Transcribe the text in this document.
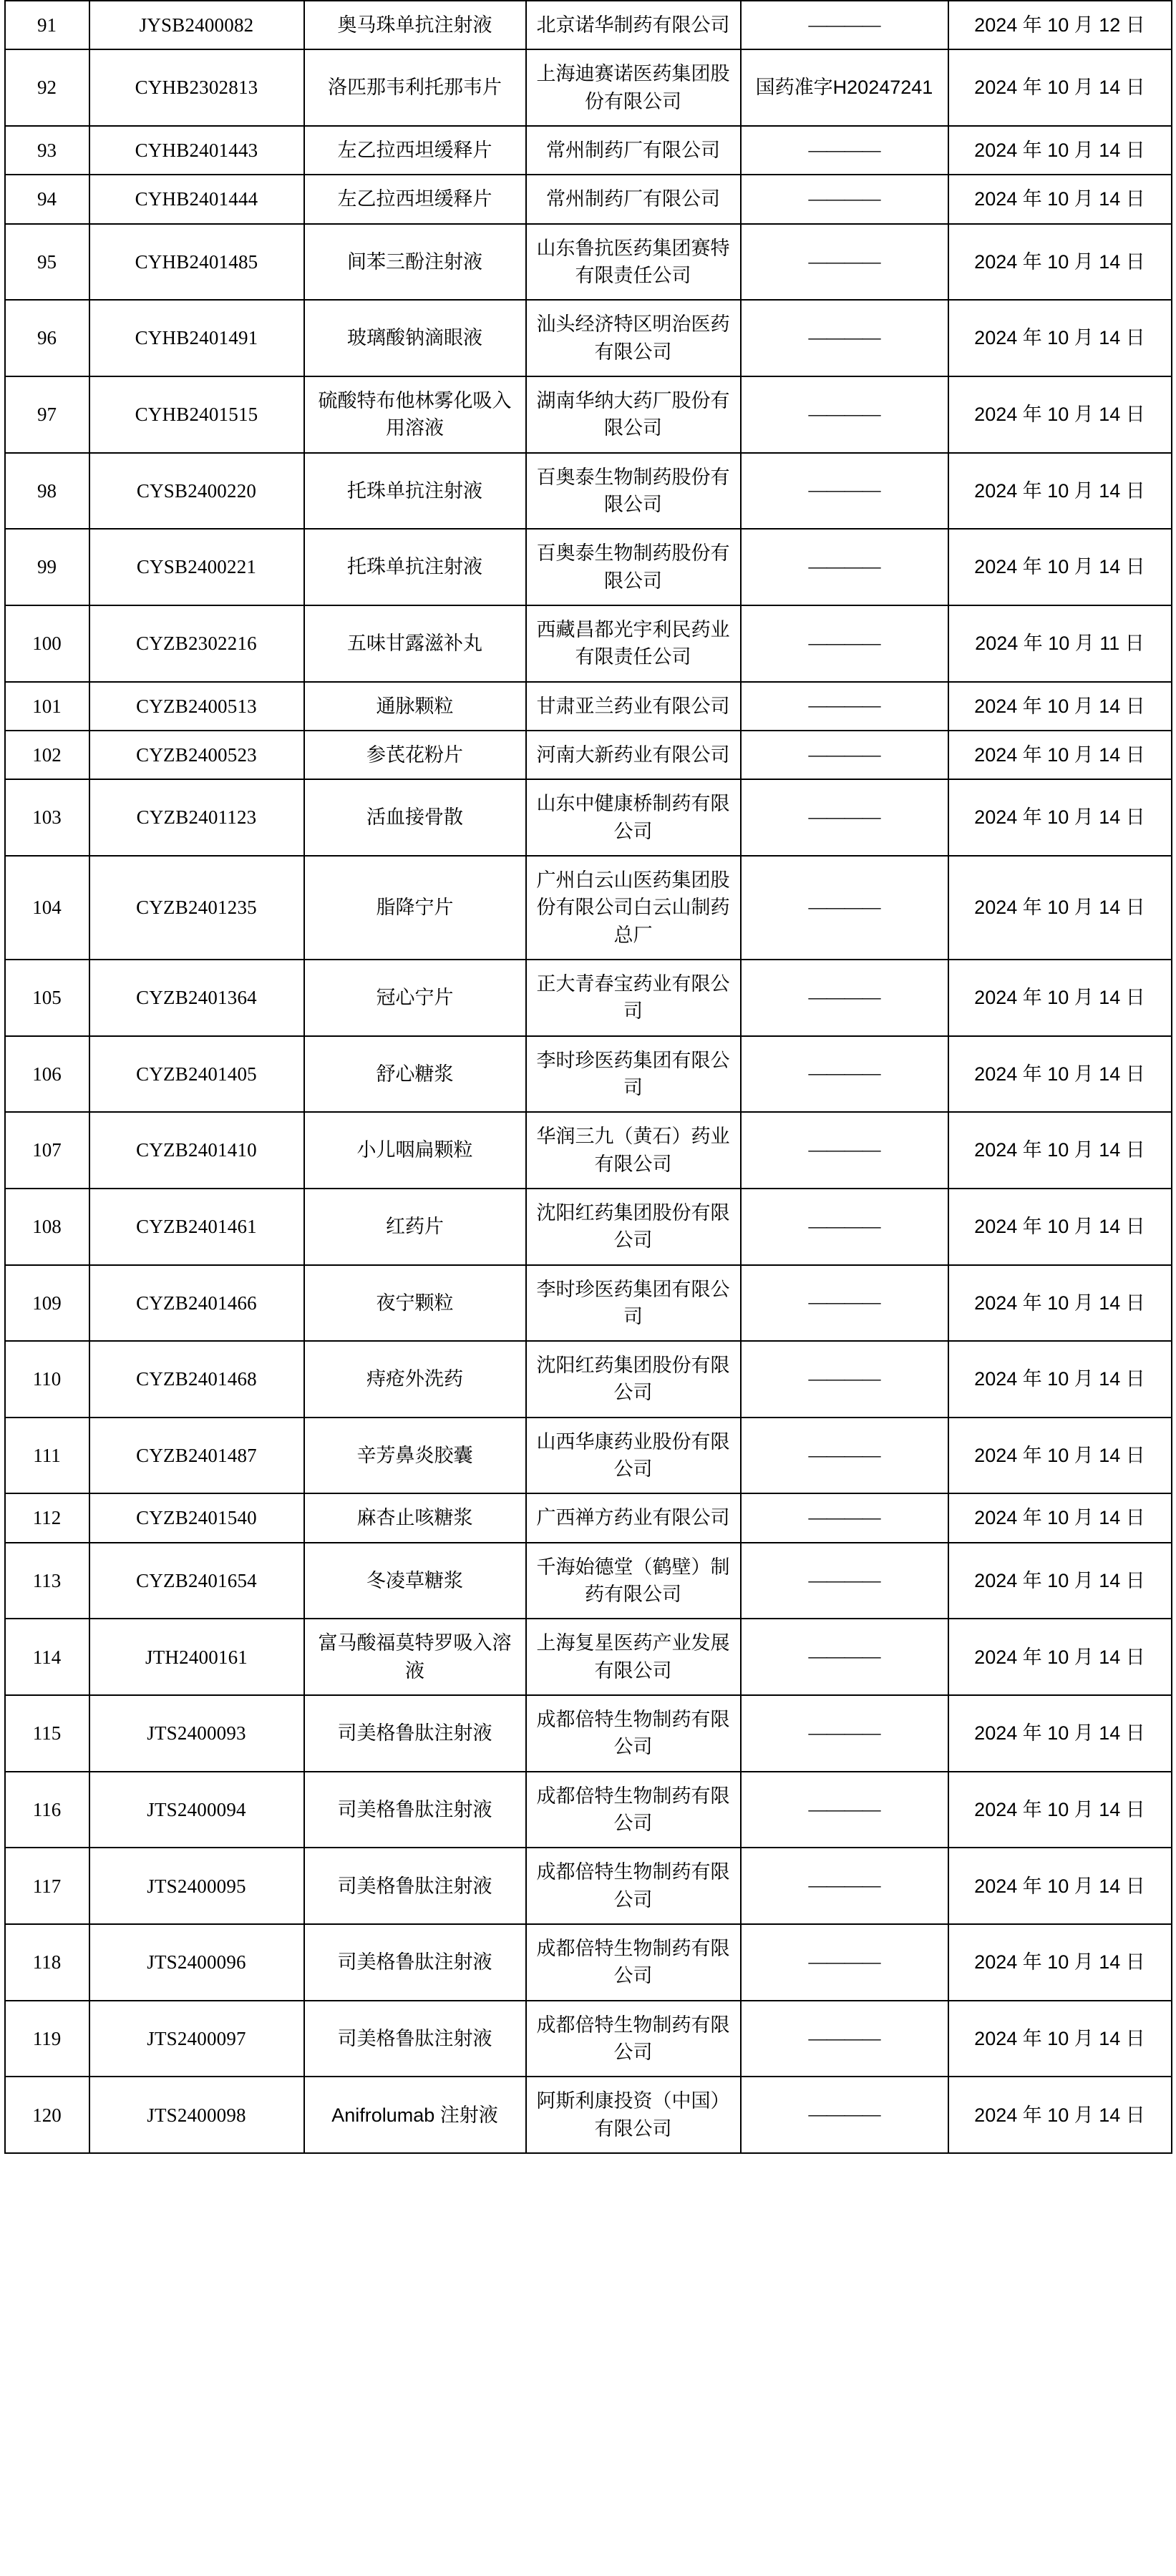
91	JYSB2400082	奥马珠单抗注射液	北京诺华制药有限公司	————	2024 年 10 月 12 日
92	CYHB2302813	洛匹那韦利托那韦片	上海迪赛诺医药集团股份有限公司	国药准字H20247241	2024 年 10 月 14 日
93	CYHB2401443	左乙拉西坦缓释片	常州制药厂有限公司	————	2024 年 10 月 14 日
94	CYHB2401444	左乙拉西坦缓释片	常州制药厂有限公司	————	2024 年 10 月 14 日
95	CYHB2401485	间苯三酚注射液	山东鲁抗医药集团赛特有限责任公司	————	2024 年 10 月 14 日
96	CYHB2401491	玻璃酸钠滴眼液	汕头经济特区明治医药有限公司	————	2024 年 10 月 14 日
97	CYHB2401515	硫酸特布他林雾化吸入用溶液	湖南华纳大药厂股份有限公司	————	2024 年 10 月 14 日
98	CYSB2400220	托珠单抗注射液	百奥泰生物制药股份有限公司	————	2024 年 10 月 14 日
99	CYSB2400221	托珠单抗注射液	百奥泰生物制药股份有限公司	————	2024 年 10 月 14 日
100	CYZB2302216	五味甘露滋补丸	西藏昌都光宇利民药业有限责任公司	————	2024 年 10 月 11 日
101	CYZB2400513	通脉颗粒	甘肃亚兰药业有限公司	————	2024 年 10 月 14 日
102	CYZB2400523	参芪花粉片	河南大新药业有限公司	————	2024 年 10 月 14 日
103	CYZB2401123	活血接骨散	山东中健康桥制药有限公司	————	2024 年 10 月 14 日
104	CYZB2401235	脂降宁片	广州白云山医药集团股份有限公司白云山制药总厂	————	2024 年 10 月 14 日
105	CYZB2401364	冠心宁片	正大青春宝药业有限公司	————	2024 年 10 月 14 日
106	CYZB2401405	舒心糖浆	李时珍医药集团有限公司	————	2024 年 10 月 14 日
107	CYZB2401410	小儿咽扁颗粒	华润三九（黄石）药业有限公司	————	2024 年 10 月 14 日
108	CYZB2401461	红药片	沈阳红药集团股份有限公司	————	2024 年 10 月 14 日
109	CYZB2401466	夜宁颗粒	李时珍医药集团有限公司	————	2024 年 10 月 14 日
110	CYZB2401468	痔疮外洗药	沈阳红药集团股份有限公司	————	2024 年 10 月 14 日
111	CYZB2401487	辛芳鼻炎胶囊	山西华康药业股份有限公司	————	2024 年 10 月 14 日
112	CYZB2401540	麻杏止咳糖浆	广西禅方药业有限公司	————	2024 年 10 月 14 日
113	CYZB2401654	冬凌草糖浆	千海始德堂（鹤壁）制药有限公司	————	2024 年 10 月 14 日
114	JTH2400161	富马酸福莫特罗吸入溶液	上海复星医药产业发展有限公司	————	2024 年 10 月 14 日
115	JTS2400093	司美格鲁肽注射液	成都倍特生物制药有限公司	————	2024 年 10 月 14 日
116	JTS2400094	司美格鲁肽注射液	成都倍特生物制药有限公司	————	2024 年 10 月 14 日
117	JTS2400095	司美格鲁肽注射液	成都倍特生物制药有限公司	————	2024 年 10 月 14 日
118	JTS2400096	司美格鲁肽注射液	成都倍特生物制药有限公司	————	2024 年 10 月 14 日
119	JTS2400097	司美格鲁肽注射液	成都倍特生物制药有限公司	————	2024 年 10 月 14 日
120	JTS2400098	Anifrolumab 注射液	阿斯利康投资（中国）有限公司	————	2024 年 10 月 14 日
